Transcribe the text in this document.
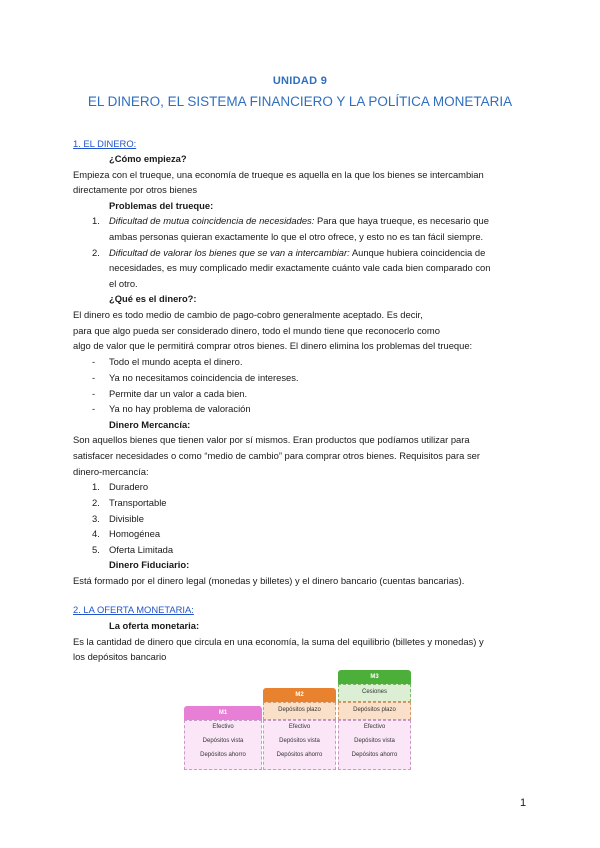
UNIDAD 9
EL DINERO, EL SISTEMA FINANCIERO Y LA POLÍTICA MONETARIA
1. EL DINERO:
¿Cómo empieza?
Empieza con el trueque, una economía de trueque es aquella en la que los bienes se intercambian
directamente por otros bienes
Problemas del trueque:
1. Dificultad de mutua coincidencia de necesidades: Para que haya trueque, es necesario que
ambas personas quieran exactamente lo que el otro ofrece, y esto no es tan fácil siempre.
2. Dificultad de valorar los bienes que se van a intercambiar: Aunque hubiera coincidencia de
necesidades, es muy complicado medir exactamente cuánto vale cada bien comparado con
el otro.
¿Qué es el dinero?:
El dinero es todo medio de cambio de pago-cobro generalmente aceptado. Es decir,
para que algo pueda ser considerado dinero, todo el mundo tiene que reconocerlo como
algo de valor que le permitirá comprar otros bienes. El dinero elimina los problemas del trueque:
- Todo el mundo acepta el dinero.
- Ya no necesitamos coincidencia de intereses.
- Permite dar un valor a cada bien.
- Ya no hay problema de valoración
Dinero Mercancía:
Son aquellos bienes que tienen valor por sí mismos. Eran productos que podíamos utilizar para
satisfacer necesidades o como “medio de cambio” para comprar otros bienes. Requisitos para ser
dinero-mercancía:
1. Duradero
2. Transportable
3. Divisible
4. Homogénea
5. Oferta Limitada
Dinero Fiduciario:
Está formado por el dinero legal (monedas y billetes) y el dinero bancario (cuentas bancarias).
2. LA OFERTA MONETARIA:
La oferta monetaria:
Es la cantidad de dinero que circula en una economía, la suma del equilibrio (billetes y monedas) y
los depósitos bancario
M1
Efectivo
Depósitos vista
Depósitos ahorro
M2
Depósitos plazo
Efectivo
Depósitos vista
Depósitos ahorro
M3
Cesiones
Depósitos plazo
Efectivo
Depósitos vista
Depósitos ahorro
1
